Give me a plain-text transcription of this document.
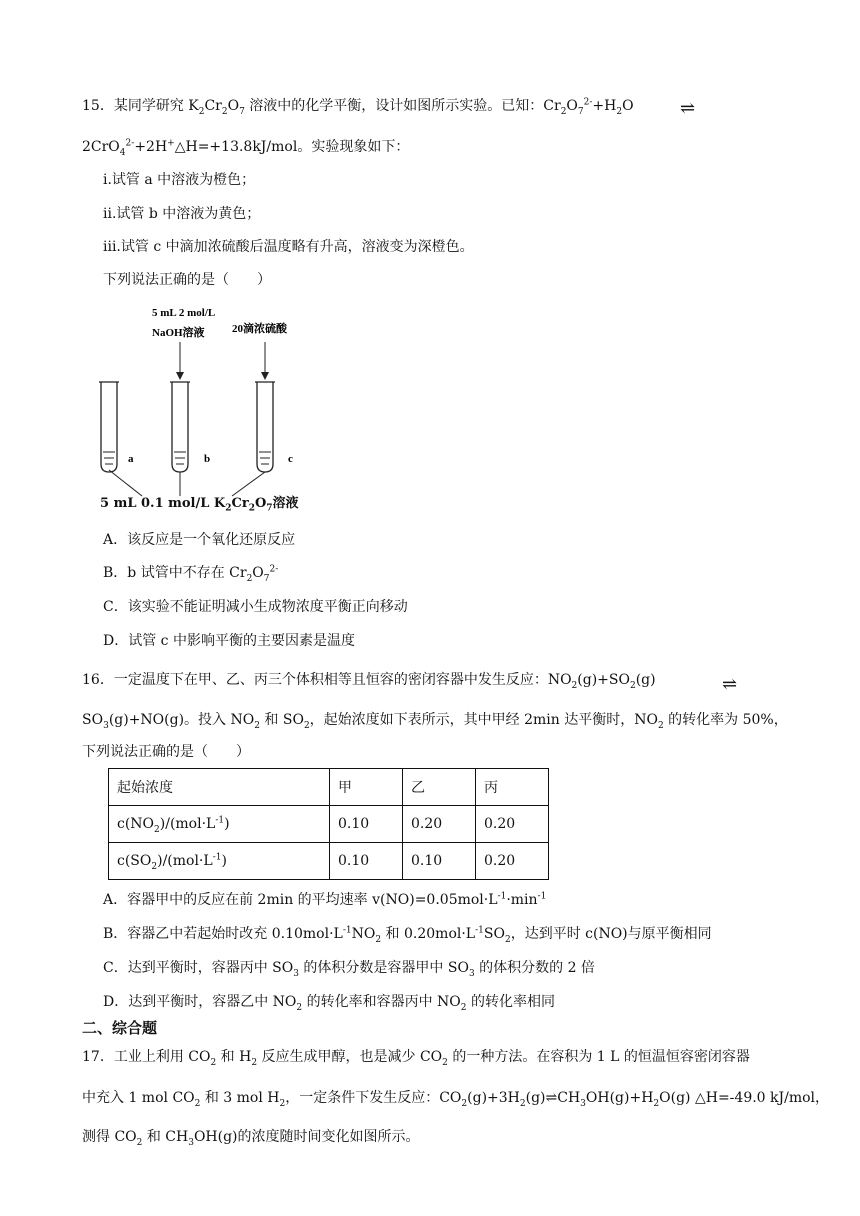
15．某同学研究 $K_2Cr_2O_7$ 溶液中的化学平衡，设计如图所示实验。已知：$Cr_2O_7^{2-}+H_2O$	⇌
2CrO$_4^{2-}$+2H+△H=+13.8kJ/mol。实验现象如下：
i.试管 a 中溶液为橙色；
ii.试管 b 中溶液为黄色；
iii.试管 c 中滴加浓硫酸后温度略有升高，溶液变为深橙色。
下列说法正确的是（　　）
5 mL 2 mol/L
NaOH溶液 20滴浓硫酸
a	b	c
5 mL 0.1 mol/L $K_2Cr_2O_7$溶液
A．该反应是一个氧化还原反应
B．b 试管中不存在 $Cr_2O_7^{2-}$
C．该实验不能证明减小生成物浓度平衡正向移动
D．试管 c 中影响平衡的主要因素是温度
16．一定温度下在甲、乙、丙三个体积相等且恒容的密闭容器中发生反应：$NO_2(g)+SO_2(g)$	⇌
$SO_3(g)+NO(g)$。投入 $NO_2$ 和 $SO_2$，起始浓度如下表所示，其中甲经 2min 达平衡时，$NO_2$ 的转化率为 50%，
下列说法正确的是（　　）
起始浓度	甲	乙	丙
$c(NO_2)/(mol\cdot L^{-1})$	0.10	0.20	0.20
$c(SO_2)/(mol\cdot L^{-1})$	0.10	0.10	0.20
A．容器甲中的反应在前 2min 的平均速率 $v(NO)=0.05mol\cdot L^{-1}\cdot\min^{-1}$
B．容器乙中若起始时改充 $0.10mol\cdot L^{-1}NO_2$ 和 $0.20mol\cdot L^{-1}SO_2$，达到平时 c(NO)与原平衡相同
C．达到平衡时，容器丙中 $SO_3$ 的体积分数是容器甲中 $SO_3$ 的体积分数的 2 倍
D．达到平衡时，容器乙中 $NO_2$ 的转化率和容器丙中 $NO_2$ 的转化率相同
二、综合题
17．工业上利用 $CO_2$ 和 $H_2$ 反应生成甲醇，也是减少 $CO_2$ 的一种方法。在容积为 1 L 的恒温恒容密闭容器
中充入 1 mol $CO_2$ 和 3 mol $H_2$，一定条件下发生反应：$CO_2(g)+3H_2(g)\rightleftharpoons CH_3OH(g)+H_2O(g)$ △H=-49.0 kJ/mol，
测得 $CO_2$ 和 $CH_3OH(g)$的浓度随时间变化如图所示。
